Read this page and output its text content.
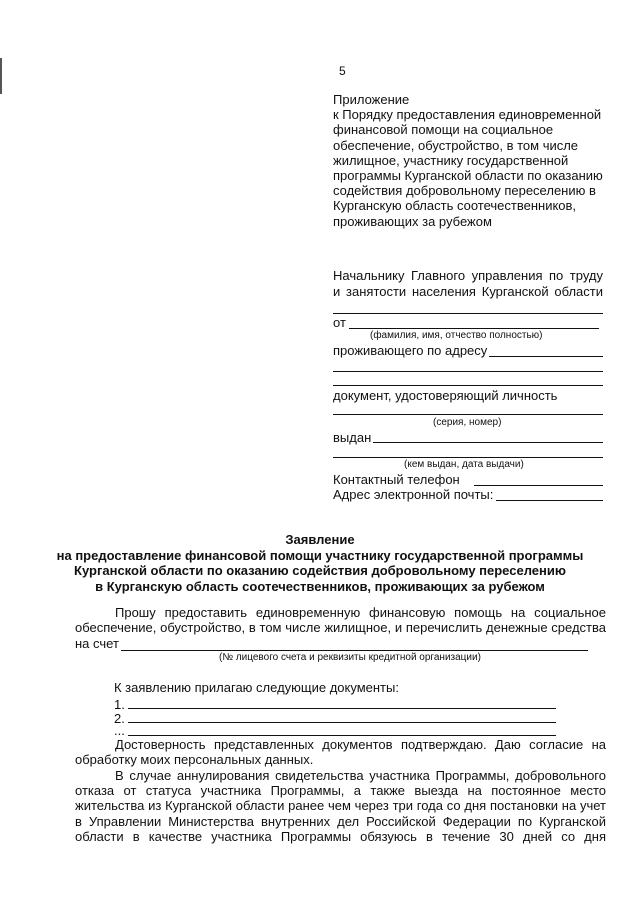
5
Приложение
к Порядку предоставления единовременной
финансовой помощи на социальное
обеспечение, обустройство, в том числе
жилищное, участнику государственной
программы Курганской области по оказанию
содействия добровольному переселению в
Курганскую область соотечественников,
проживающих за рубежом
Начальнику Главного управления по труду
и занятости населения Курганской области
от
(фамилия, имя, отчество полностью)
проживающего по адресу
документ, удостоверяющий личность
(серия, номер)
выдан
(кем выдан, дата выдачи)
Контактный телефон
Адрес электронной почты:
Заявление
на предоставление финансовой помощи участнику государственной программы
Курганской области по оказанию содействия добровольному переселению
в Курганскую область соотечественников, проживающих за рубежом
Прошу предоставить единовременную финансовую помощь на социальное
обеспечение, обустройство, в том числе жилищное, и перечислить денежные средства
на счет
(№ лицевого счета и реквизиты кредитной организации)
К заявлению прилагаю следующие документы:
1.
2.
...
Достоверность представленных документов подтверждаю. Даю согласие на
обработку моих персональных данных.
В случае аннулирования свидетельства участника Программы, добровольного
отказа от статуса участника Программы, а также выезда на постоянное место
жительства из Курганской области ранее чем через три года со дня постановки на учет
в Управлении Министерства внутренних дел Российской Федерации по Курганской
области в качестве участника Программы обязуюсь в течение 30 дней со дня
